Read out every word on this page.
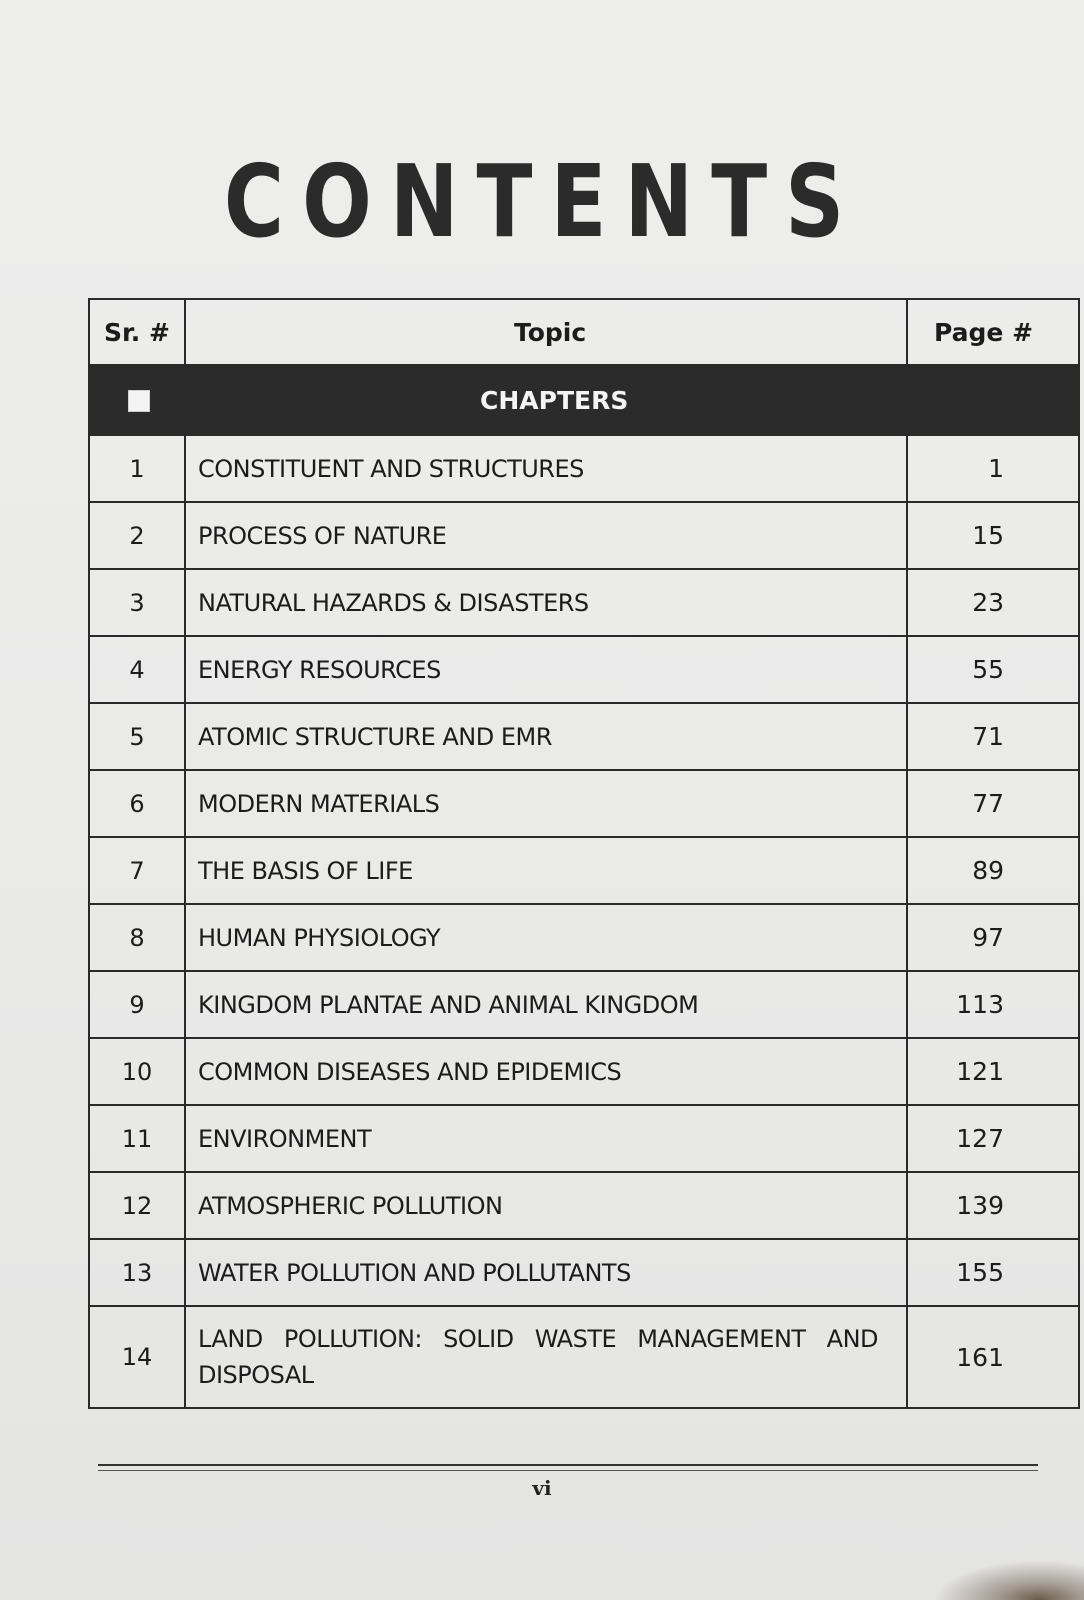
CONTENTS
Sr. #	Topic	Page #

CHAPTERS		

1	CONSTITUENT AND STRUCTURES	1
2	PROCESS OF NATURE	15
3	NATURAL HAZARDS & DISASTERS	23
4	ENERGY RESOURCES	55
5	ATOMIC STRUCTURE AND EMR	71
6	MODERN MATERIALS	77
7	THE BASIS OF LIFE	89
8	HUMAN PHYSIOLOGY	97
9	KINGDOM PLANTAE AND ANIMAL KINGDOM	113
10	COMMON DISEASES AND EPIDEMICS	121
11	ENVIRONMENT	127
12	ATMOSPHERIC POLLUTION	139
13	WATER POLLUTION AND POLLUTANTS	155
14	LAND POLLUTION: SOLID WASTE MANAGEMENT AND DISPOSAL	161
vi
